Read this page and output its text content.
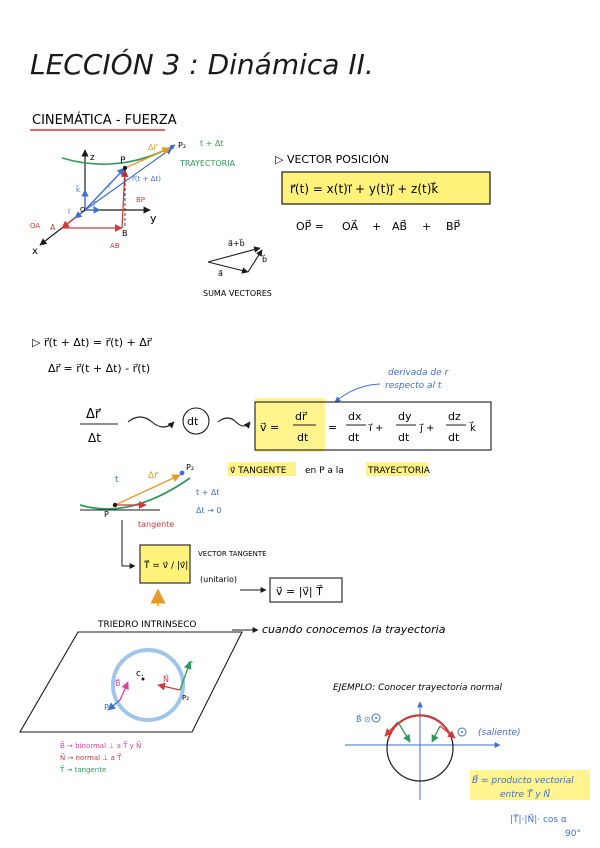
LECCIÓN 3 : Dinámica II.
CINEMÁTICA - FUERZA
z
y
x
P
P₂ t + Δt
Δr⃗
TRAYECTORIA
r⃗(t + Δt)
k⃗
j⃗
i⃗ O
A
B
BP
OA
AB
r⃗
▷ VECTOR POSICIÓN
r⃗(t) = x(t)i⃗ + y(t)j⃗ + z(t)k⃗
OP⃗ = OA⃗ + AB⃗ + BP⃗
a⃗+b⃗
b⃗
a⃗
SUMA VECTORES
▷ r⃗(t + Δt) = r⃗(t) + Δr⃗
Δr⃗ = r⃗(t + Δt) - r⃗(t)	derivada de r
respecto al t
Δr⃗
Δt
dt	v⃗ =
dr⃗
dt
=
dx
dt
i⃗ +
dy
dt
j⃗ +
dz
dt
k⃗
v⃗ TANGENTE en P a la	TRAYECTORIA
t	Δr⃗
P₂
t + Δt
Δt → 0
tangente
P
T⃗ = v⃗ / |v⃗|
VECTOR TANGENTE
(unitario)
v⃗ = |v⃗| T⃗
TRIEDRO INTRINSECO	cuando conocemos la trayectoria
c.
T⃗
N⃗
B⃗
P
P₂
B⃗ → binormal ⊥ a T⃗ y N⃗
N⃗ → normal ⊥ a T⃗
T⃗ → tangente
EJEMPLO: Conocer trayectoria normal
B⃗ ⊙
(saliente)
B⃗ = producto vectorial
entre T⃗ y N⃗
|T⃗|·|N⃗|· cos α
90°
